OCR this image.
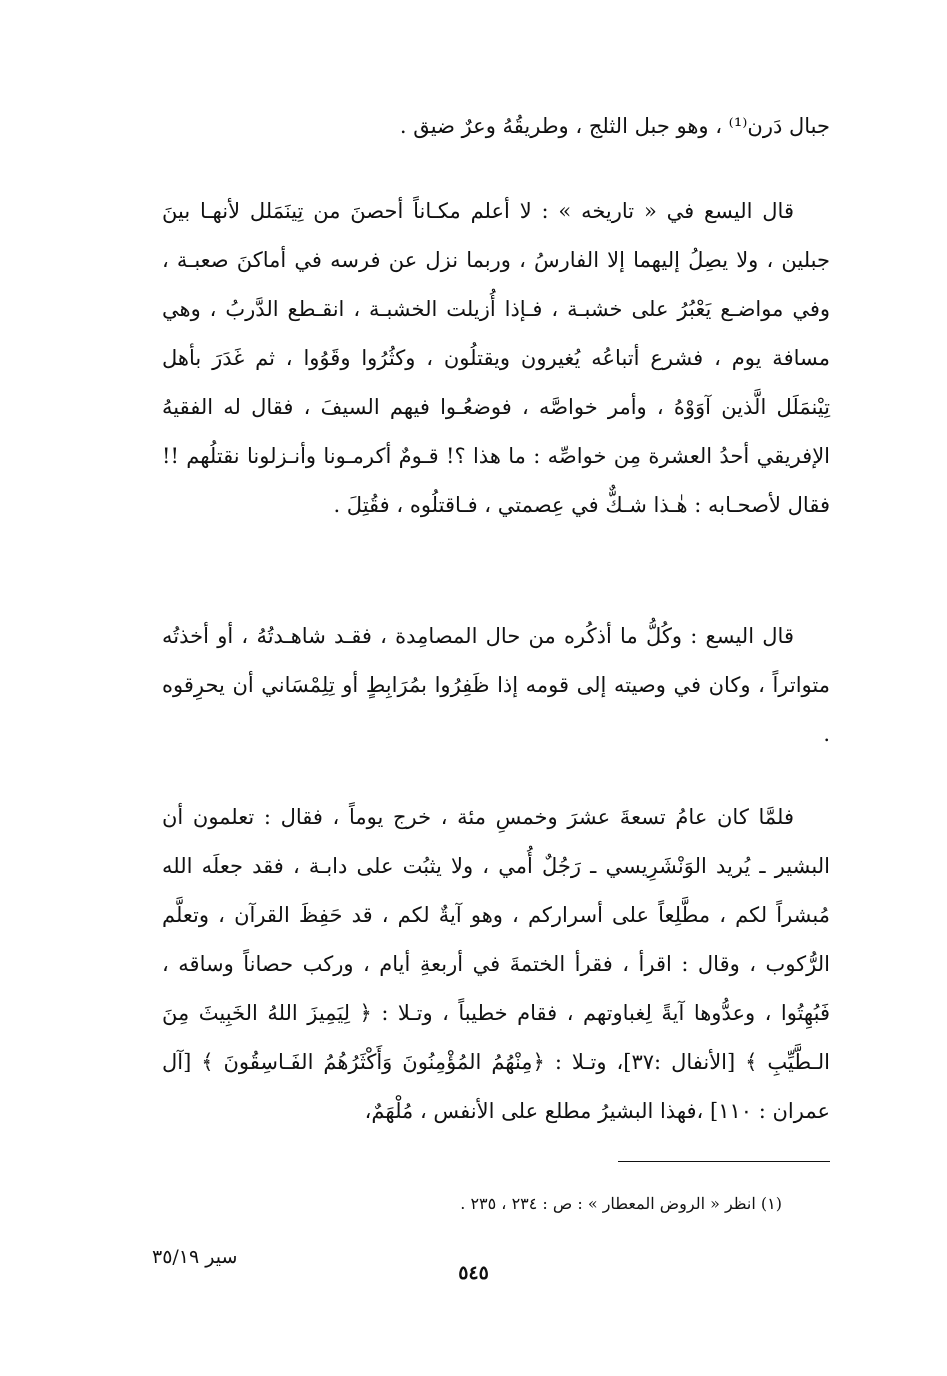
جبال دَرن⁽¹⁾ ، وهو جبل الثلج ، وطريقُهُ وعرٌ ضيق .
قال اليسع في « تاريخه » : لا أعلم مكـاناً أحصنَ من تِينَمَلل لأنهـا بينَ جبلين ، ولا يصِلُ إليهما إلا الفارسُ ، وربما نزل عن فرسه في أماكنَ صعبـة ، وفي مواضـع يَعْبُرُ على خشبـة ، فـإذا أُزيلت الخشبـة ، انقـطع الدَّربُ ، وهي مسافة يوم ، فشرع أتباعُه يُغيرون ويقتلُون ، وكثُرُوا وقَوُوا ، ثم غَدَرَ بأهل تِيْنمَلَل الَّذين آوَوْهُ ، وأمر خواصَّه ، فوضعُـوا فيهم السيفَ ، فقال له الفقيهُ الإفريقي أحدُ العشرة مِن خواصِّه : ما هذا ؟! قـومٌ أكرمـونا وأنـزلونا نقتلُهم !! فقال لأصحـابه : هٰـذا شـكٌّ في عِصمتي ، فـاقتلُوه ، فقُتِلَ .
قال اليسع : وكُلُّ ما أذكُره من حال المصامِدة ، فقـد شاهـدتُهُ ، أو أخذتُه متواتراً ، وكان في وصيته إلى قومه إذا ظَفِرُوا بمُرَابِطٍ أو تِلِمْسَاني أن يحرِقوه .
فلمَّا كان عامُ تسعةَ عشرَ وخمسِ مئة ، خرج يوماً ، فقال : تعلمون أن البشير ـ يُريد الوَنْشَرِيسي ـ رَجُلٌ أُمي ، ولا يثبُت على دابـة ، فقد جعلَه الله مُبشراً لكم ، مطَّلِعاً على أسراركم ، وهو آيةٌ لكم ، قد حَفِظَ القرآن ، وتعلَّم الرُّكوب ، وقال : اقرأ ، فقرأ الختمةَ في أربعةِ أيام ، وركب حصاناً وساقه ، فَبُهِتُوا ، وعدُّوها آيةً لِغباوتهم ، فقام خطيباً ، وتـلا : ﴿ لِيَمِيزَ اللهُ الخَبِيثَ مِنَ الـطَّيِّبِ ﴾ [الأنفال :٣٧]، وتـلا : ﴿مِنْهُمُ المُؤْمِنُونَ وَأَكْثَرُهُمُ الفَـاسِقُونَ ﴾ [آل عمران : ١١٠] ،فهذا البشيرُ مطلع على الأنفس ، مُلْهَمٌ،
(١) انظر « الروض المعطار » : ص : ٢٣٤ ، ٢٣٥ .
٥٤٥
سير ٣٥/١٩
